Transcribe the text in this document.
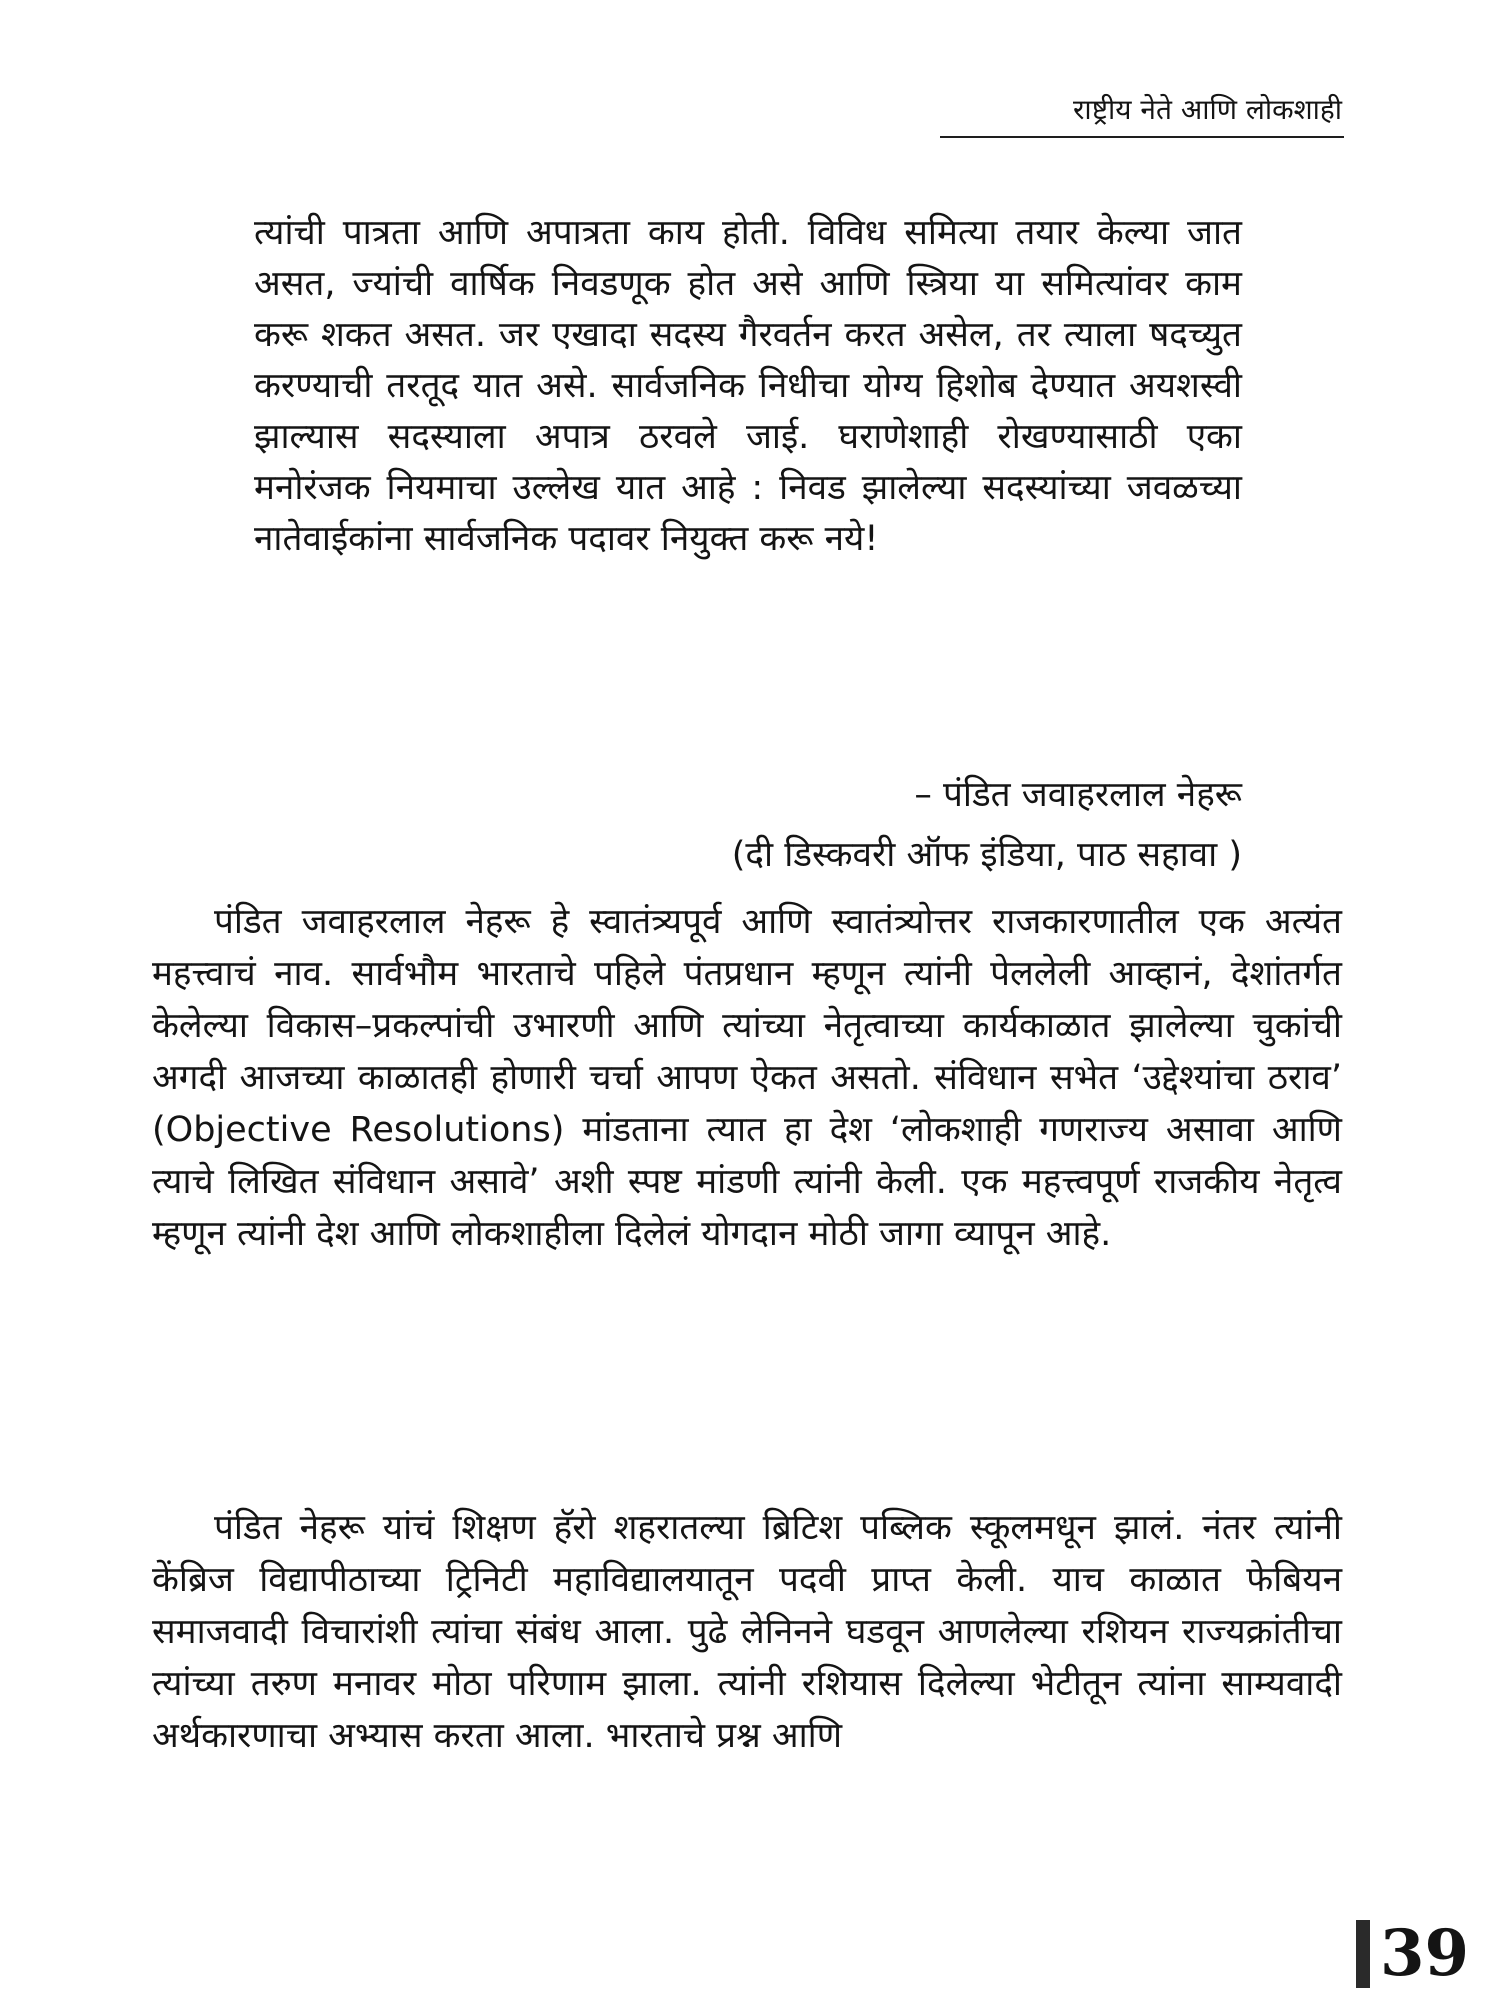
राष्ट्रीय नेते आणि लोकशाही

त्यांची पात्रता आणि अपात्रता काय होती. विविध समित्या तयार केल्या जात असत, ज्यांची वार्षिक निवडणूक होत असे आणि स्त्रिया या समित्यांवर काम करू शकत असत. जर एखादा सदस्य गैरवर्तन करत असेल, तर त्याला षदच्युत करण्याची तरतूद यात असे. सार्वजनिक निधीचा योग्य हिशोब देण्यात अयशस्वी झाल्यास सदस्याला अपात्र ठरवले जाई. घराणेशाही रोखण्यासाठी एका मनोरंजक नियमाचा उल्लेख यात आहे : निवड झालेल्या सदस्यांच्या जवळच्या नातेवाईकांना सार्वजनिक पदावर नियुक्त करू नये!

– पंडित जवाहरलाल नेहरू
(दी डिस्कवरी ऑफ इंडिया, पाठ सहावा )

पंडित जवाहरलाल नेहरू हे स्वातंत्र्यपूर्व आणि स्वातंत्र्योत्तर राजकारणातील एक अत्यंत महत्त्वाचं नाव. सार्वभौम भारताचे पहिले पंतप्रधान म्हणून त्यांनी पेललेली आव्हानं, देशांतर्गत केलेल्या विकास–प्रकल्पांची उभारणी आणि त्यांच्या नेतृत्वाच्या कार्यकाळात झालेल्या चुकांची अगदी आजच्या काळातही होणारी चर्चा आपण ऐकत असतो. संविधान सभेत ‘उद्देश्यांचा ठराव’ (Objective Resolutions) मांडताना त्यात हा देश ‘लोकशाही गणराज्य असावा आणि त्याचे लिखित संविधान असावे’ अशी स्पष्ट मांडणी त्यांनी केली. एक महत्त्वपूर्ण राजकीय नेतृत्व म्हणून त्यांनी देश आणि लोकशाहीला दिलेलं योगदान मोठी जागा व्यापून आहे.

पंडित नेहरू यांचं शिक्षण हॅरो शहरातल्या ब्रिटिश पब्लिक स्कूलमधून झालं. नंतर त्यांनी केंब्रिज विद्यापीठाच्या ट्रिनिटी महाविद्यालयातून पदवी प्राप्त केली. याच काळात फेबियन समाजवादी विचारांशी त्यांचा संबंध आला. पुढे लेनिनने घडवून आणलेल्या रशियन राज्यक्रांतीचा त्यांच्या तरुण मनावर मोठा परिणाम झाला. त्यांनी रशियास दिलेल्या भेटीतून त्यांना साम्यवादी अर्थकारणाचा अभ्यास करता आला. भारताचे प्रश्न आणि

39
